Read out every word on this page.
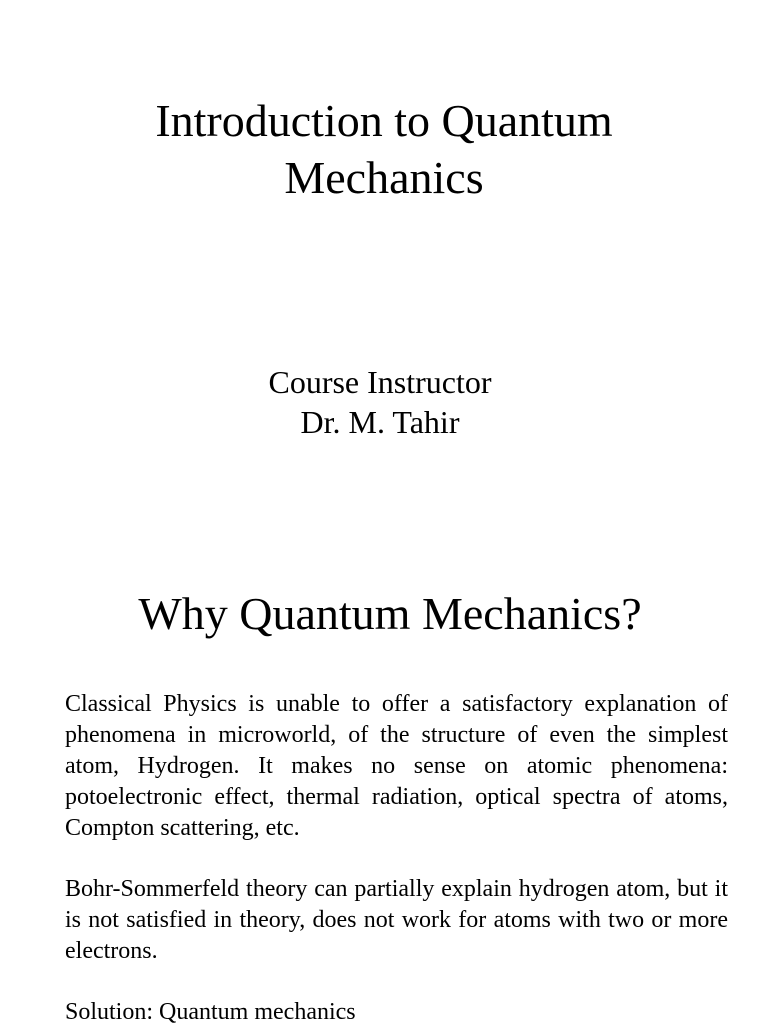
Introduction to Quantum
Mechanics
Course Instructor
Dr. M. Tahir
Why Quantum Mechanics?

Classical Physics is unable to offer a satisfactory explanation of phenomena in microworld, of the structure of even the simplest atom, Hydrogen. It makes no sense on atomic phenomena: potoelectronic effect, thermal radiation, optical spectra of atoms, Compton scattering, etc.

Bohr-Sommerfeld theory can partially explain hydrogen atom, but it is not satisfied in theory, does not work for atoms with two or more electrons.

Solution: Quantum mechanics
